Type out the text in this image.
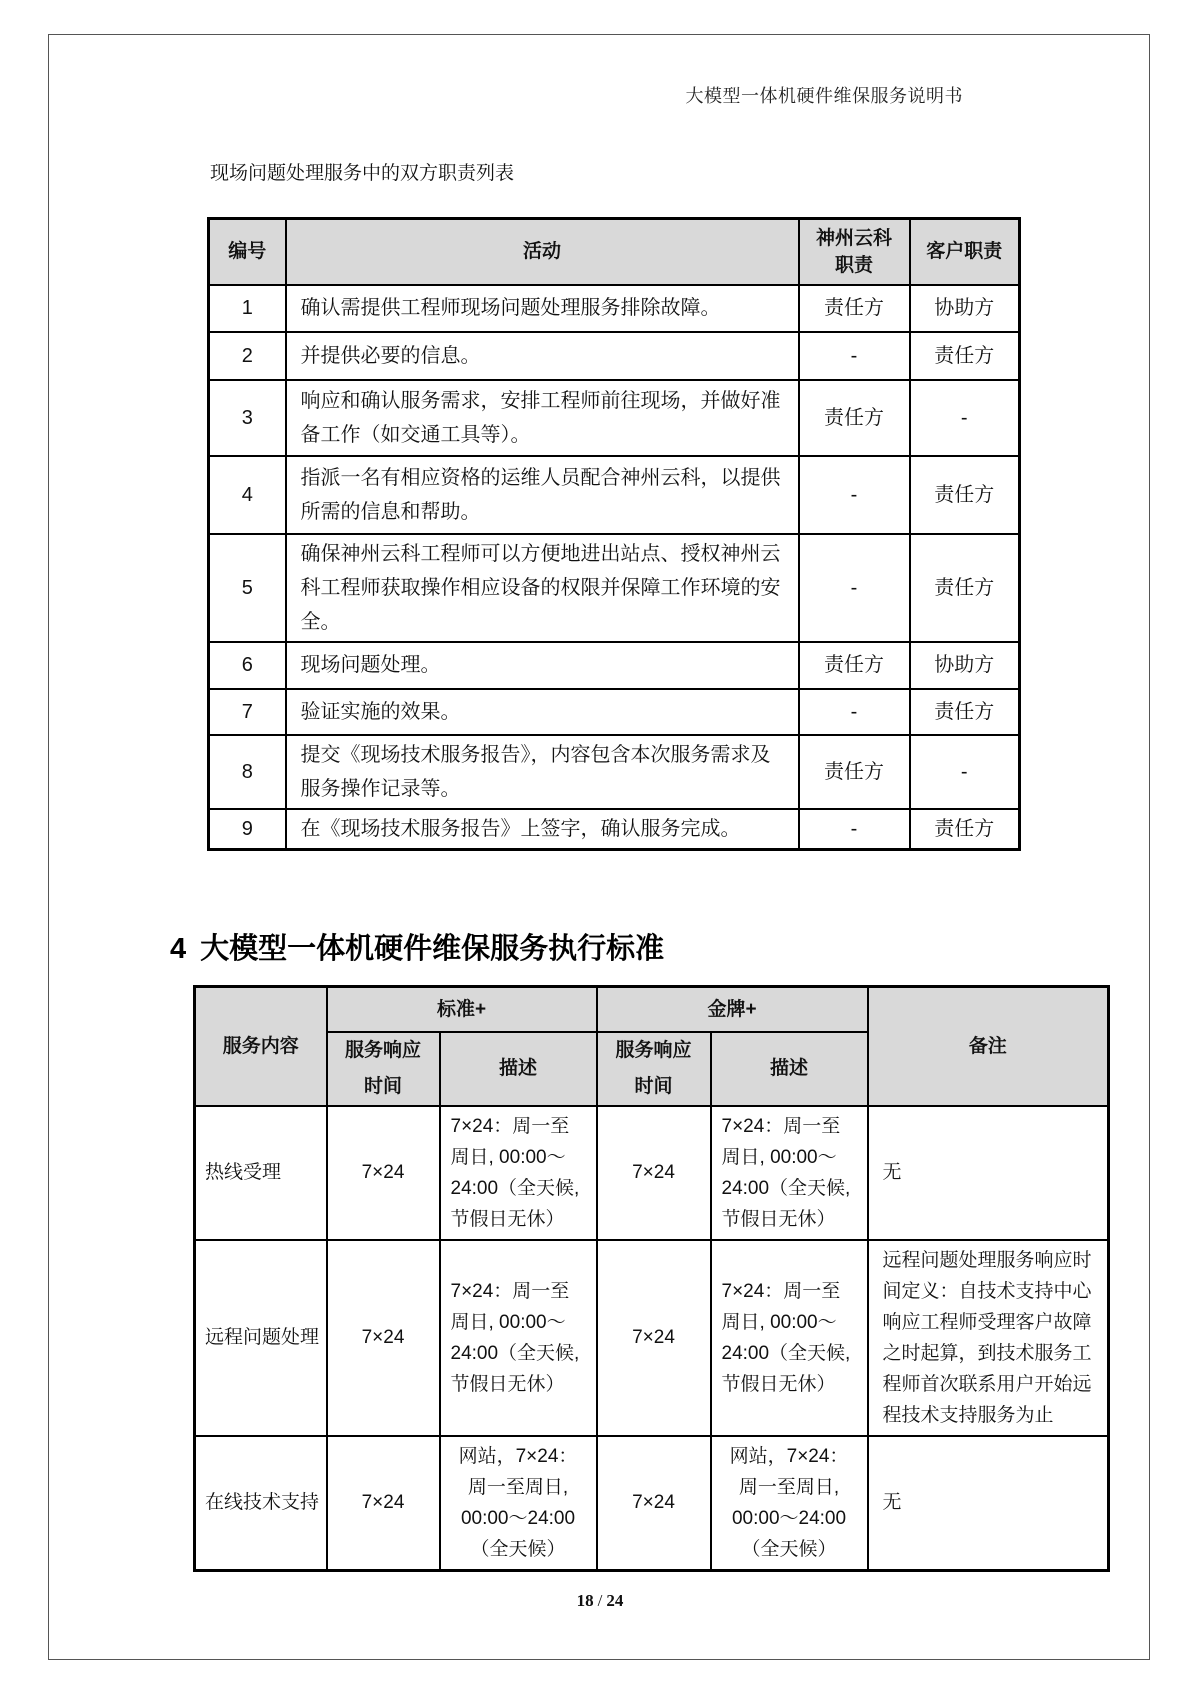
大模型一体机硬件维保服务说明书
现场问题处理服务中的双方职责列表
编号	活动	神州云科职责	客户职责
1	确认需提供工程师现场问题处理服务排除故障。	责任方	协助方
2	并提供必要的信息。	-	责任方
3	响应和确认服务需求，安排工程师前往现场，并做好准备工作（如交通工具等）。	责任方	-
4	指派一名有相应资格的运维人员配合神州云科，以提供所需的信息和帮助。	-	责任方
5	确保神州云科工程师可以方便地进出站点、授权神州云科工程师获取操作相应设备的权限并保障工作环境的安全。	-	责任方
6	现场问题处理。	责任方	协助方
7	验证实施的效果。	-	责任方
8	提交《现场技术服务报告》，内容包含本次服务需求及服务操作记录等。	责任方	-
9	在《现场技术服务报告》上签字，确认服务完成。	-	责任方
4 大模型一体机硬件维保服务执行标准
服务内容	标准+		金牌+		备注
	服务响应时间	描述	服务响应时间	描述	
热线受理	7×24	7×24：周一至周日, 00:00～24:00（全天候, 节假日无休）	7×24	7×24：周一至周日, 00:00～24:00（全天候, 节假日无休）	无
远程问题处理	7×24	7×24：周一至周日, 00:00～24:00（全天候, 节假日无休）	7×24	7×24：周一至周日, 00:00～24:00（全天候, 节假日无休）	远程问题处理服务响应时间定义：自技术支持中心响应工程师受理客户故障之时起算，到技术服务工程师首次联系用户开始远程技术支持服务为止
在线技术支持	7×24	网站，7×24：周一至周日, 00:00～24:00（全天候）	7×24	网站，7×24：周一至周日, 00:00～24:00（全天候）	无
18 / 24
